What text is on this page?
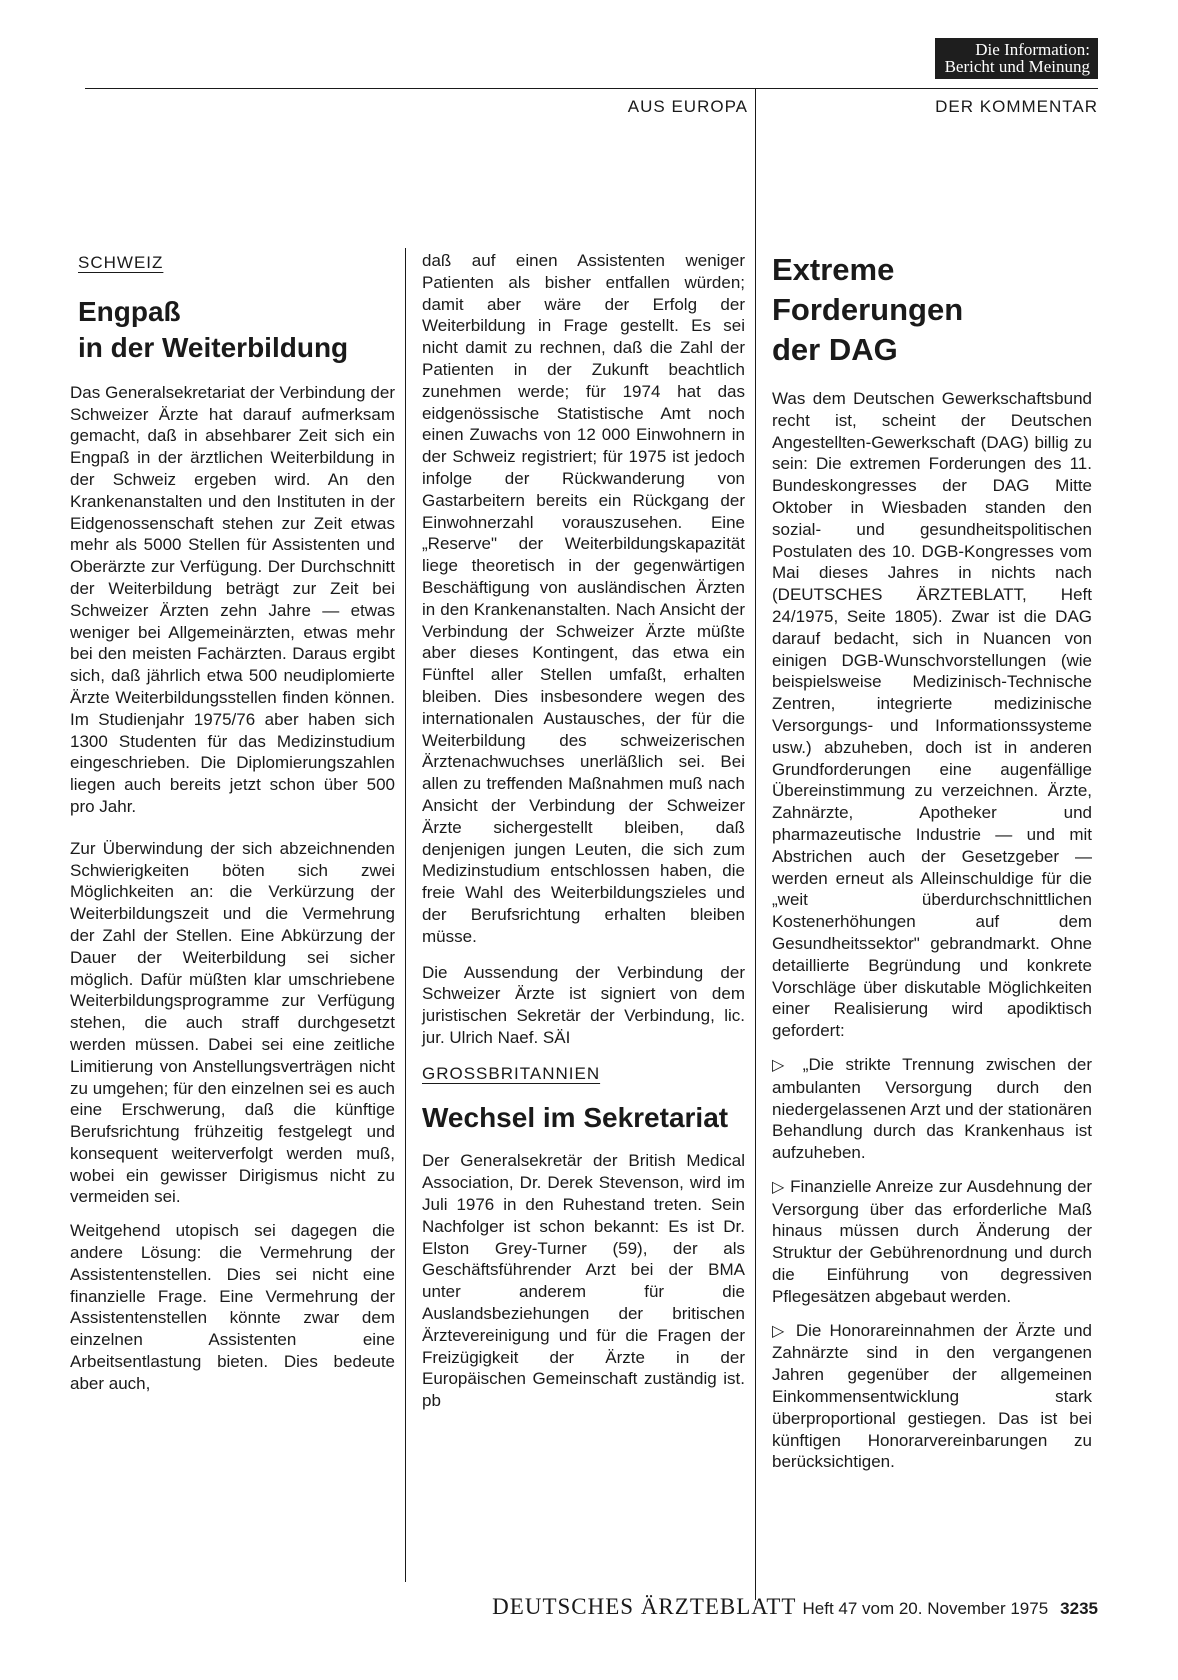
Die Information:
Bericht und Meinung
AUS EUROPA	DER KOMMENTAR
SCHWEIZ
Engpaß
in der Weiterbildung

Das Generalsekretariat der Verbindung der Schweizer Ärzte hat darauf aufmerksam gemacht, daß in absehbarer Zeit sich ein Engpaß in der ärztlichen Weiterbildung in der Schweiz ergeben wird. An den Krankenanstalten und den Instituten in der Eidgenossenschaft stehen zur Zeit etwas mehr als 5000 Stellen für Assistenten und Oberärzte zur Verfügung. Der Durchschnitt der Weiterbildung beträgt zur Zeit bei Schweizer Ärzten zehn Jahre — etwas weniger bei Allgemeinärzten, etwas mehr bei den meisten Fachärzten. Daraus ergibt sich, daß jährlich etwa 500 neudiplomierte Ärzte Weiterbildungsstellen finden können. Im Studienjahr 1975/76 aber haben sich 1300 Studenten für das Medizinstudium eingeschrieben. Die Diplomierungszahlen liegen auch bereits jetzt schon über 500 pro Jahr.

Zur Überwindung der sich abzeichnenden Schwierigkeiten böten sich zwei Möglichkeiten an: die Verkürzung der Weiterbildungszeit und die Vermehrung der Zahl der Stellen. Eine Abkürzung der Dauer der Weiterbildung sei sicher möglich. Dafür müßten klar umschriebene Weiterbildungsprogramme zur Verfügung stehen, die auch straff durchgesetzt werden müssen. Dabei sei eine zeitliche Limitierung von Anstellungsverträgen nicht zu umgehen; für den einzelnen sei es auch eine Erschwerung, daß die künftige Berufsrichtung frühzeitig festgelegt und konsequent weiterverfolgt werden muß, wobei ein gewisser Dirigismus nicht zu vermeiden sei.

Weitgehend utopisch sei dagegen die andere Lösung: die Vermehrung der Assistentenstellen. Dies sei nicht eine finanzielle Frage. Eine Vermehrung der Assistentenstellen könnte zwar dem einzelnen Assistenten eine Arbeitsentlastung bieten. Dies bedeute aber auch,

daß auf einen Assistenten weniger Patienten als bisher entfallen würden; damit aber wäre der Erfolg der Weiterbildung in Frage gestellt. Es sei nicht damit zu rechnen, daß die Zahl der Patienten in der Zukunft beachtlich zunehmen werde; für 1974 hat das eidgenössische Statistische Amt noch einen Zuwachs von 12 000 Einwohnern in der Schweiz registriert; für 1975 ist jedoch infolge der Rückwanderung von Gastarbeitern bereits ein Rückgang der Einwohnerzahl vorauszusehen. Eine „Reserve" der Weiterbildungskapazität liege theoretisch in der gegenwärtigen Beschäftigung von ausländischen Ärzten in den Krankenanstalten. Nach Ansicht der Verbindung der Schweizer Ärzte müßte aber dieses Kontingent, das etwa ein Fünftel aller Stellen umfaßt, erhalten bleiben. Dies insbesondere wegen des internationalen Austausches, der für die Weiterbildung des schweizerischen Ärztenachwuchses unerläßlich sei. Bei allen zu treffenden Maßnahmen muß nach Ansicht der Verbindung der Schweizer Ärzte sichergestellt bleiben, daß denjenigen jungen Leuten, die sich zum Medizinstudium entschlossen haben, die freie Wahl des Weiterbildungszieles und der Berufsrichtung erhalten bleiben müsse.

Die Aussendung der Verbindung der Schweizer Ärzte ist signiert von dem juristischen Sekretär der Verbindung, lic. jur. Ulrich Naef. SÄI

GROSSBRITANNIEN
Wechsel im Sekretariat

Der Generalsekretär der British Medical Association, Dr. Derek Stevenson, wird im Juli 1976 in den Ruhestand treten. Sein Nachfolger ist schon bekannt: Es ist Dr. Elston Grey-Turner (59), der als Geschäftsführender Arzt bei der BMA unter anderem für die Auslandsbeziehungen der britischen Ärztevereinigung und für die Fragen der Freizügigkeit der Ärzte in der Europäischen Gemeinschaft zuständig ist. pb

Extreme
Forderungen
der DAG

Was dem Deutschen Gewerkschaftsbund recht ist, scheint der Deutschen Angestellten-Gewerkschaft (DAG) billig zu sein: Die extremen Forderungen des 11. Bundeskongresses der DAG Mitte Oktober in Wiesbaden standen den sozial- und gesundheitspolitischen Postulaten des 10. DGB-Kongresses vom Mai dieses Jahres in nichts nach (DEUTSCHES ÄRZTEBLATT, Heft 24/1975, Seite 1805). Zwar ist die DAG darauf bedacht, sich in Nuancen von einigen DGB-Wunschvorstellungen (wie beispielsweise Medizinisch-Technische Zentren, integrierte medizinische Versorgungs- und Informationssysteme usw.) abzuheben, doch ist in anderen Grundforderungen eine augenfällige Übereinstimmung zu verzeichnen. Ärzte, Zahnärzte, Apotheker und pharmazeutische Industrie — und mit Abstrichen auch der Gesetzgeber — werden erneut als Alleinschuldige für die „weit überdurchschnittlichen Kostenerhöhungen auf dem Gesundheitssektor" gebrandmarkt. Ohne detaillierte Begründung und konkrete Vorschläge über diskutable Möglichkeiten einer Realisierung wird apodiktisch gefordert:

▷ „Die strikte Trennung zwischen der ambulanten Versorgung durch den niedergelassenen Arzt und der stationären Behandlung durch das Krankenhaus ist aufzuheben.

▷ Finanzielle Anreize zur Ausdehnung der Versorgung über das erforderliche Maß hinaus müssen durch Änderung der Struktur der Gebührenordnung und durch die Einführung von degressiven Pflegesätzen abgebaut werden.

▷ Die Honorareinnahmen der Ärzte und Zahnärzte sind in den vergangenen Jahren gegenüber der allgemeinen Einkommensentwicklung stark überproportional gestiegen. Das ist bei künftigen Honorarvereinbarungen zu berücksichtigen.

DEUTSCHES ÄRZTEBLATT Heft 47 vom 20. November 1975 3235
